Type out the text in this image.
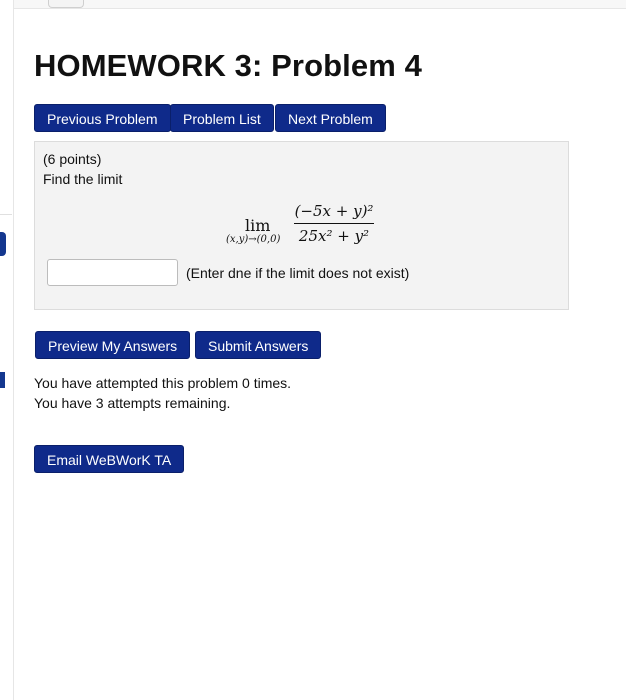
HOMEWORK 3: Problem 4
Previous Problem	Problem List	Next Problem
(6 points)
Find the limit
lim
(x,y)→(0,0)
(−5x + y)²
25x² + y²
(Enter dne if the limit does not exist)
Preview My Answers	Submit Answers
You have attempted this problem 0 times.
You have 3 attempts remaining.
Email WeBWorK TA
